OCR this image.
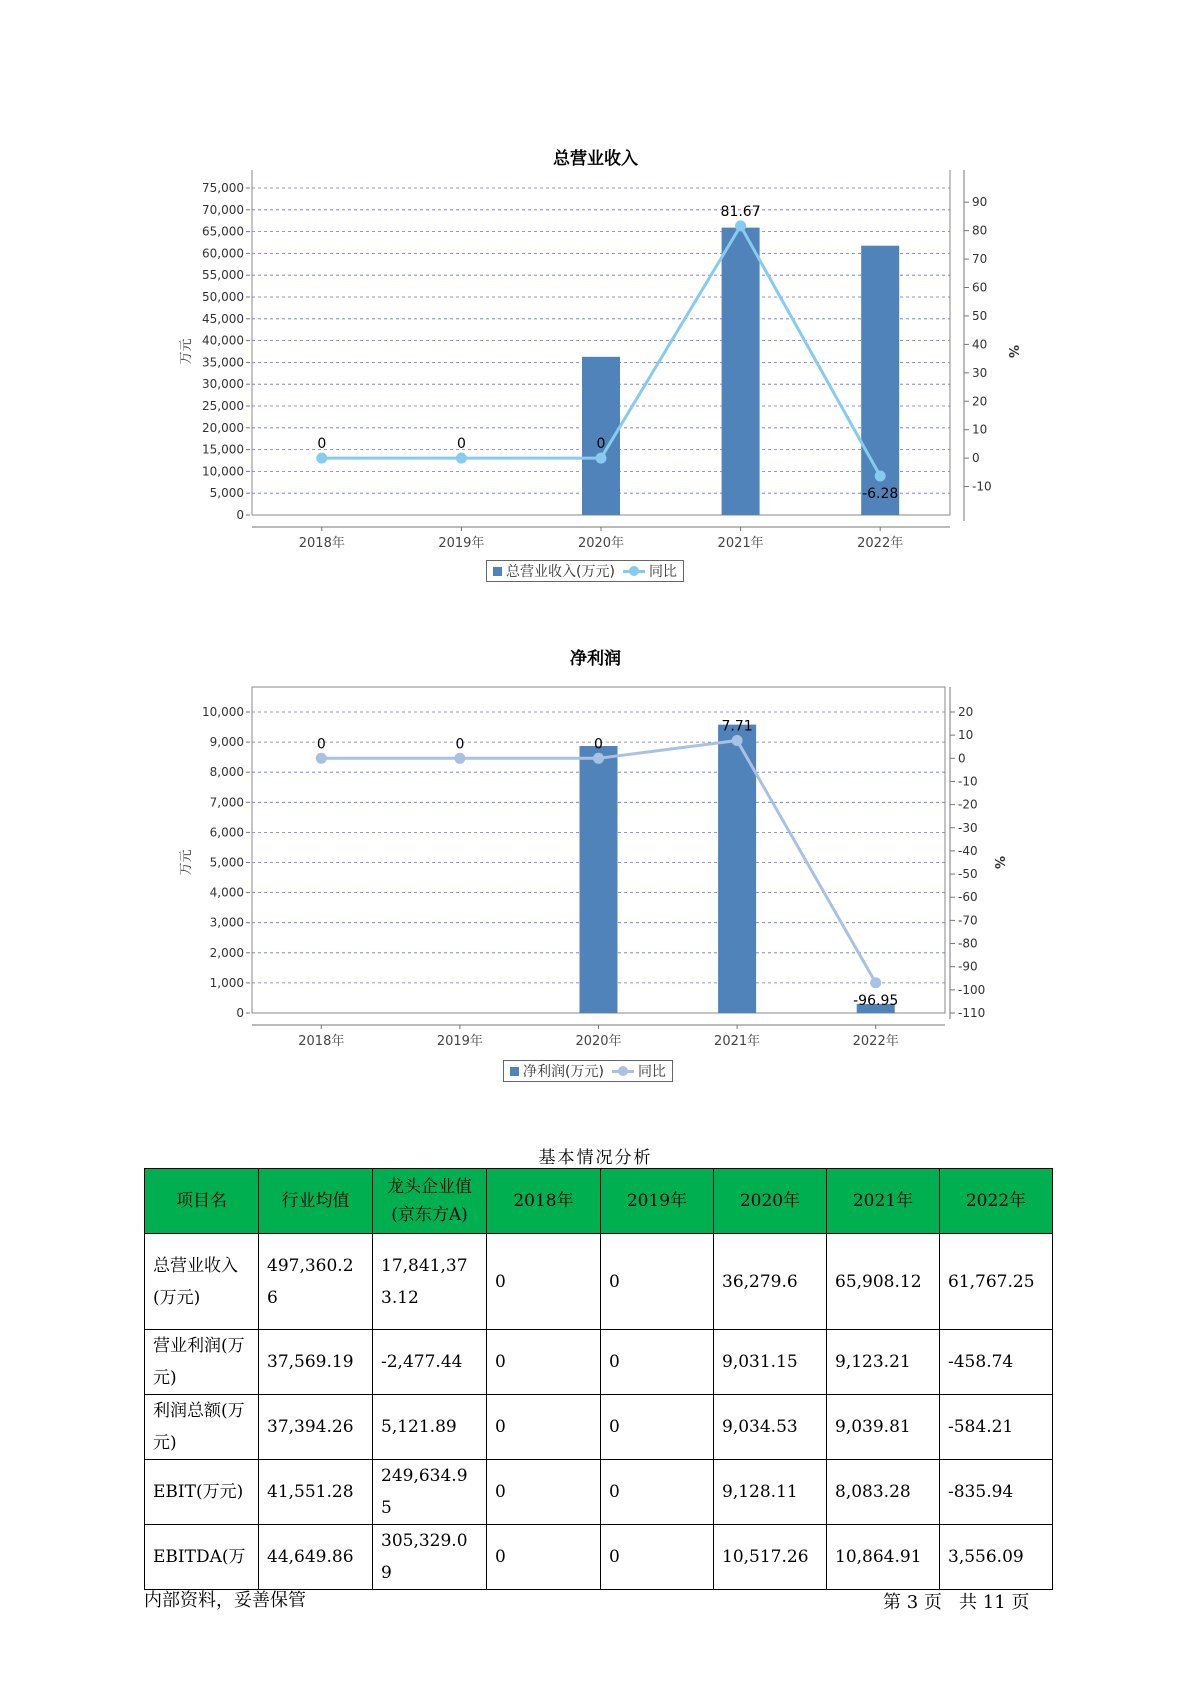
总营业收入
0
5,000
10,000
15,000
20,000
25,000
30,000
35,000
40,000
45,000
50,000
55,000
60,000
65,000
70,000
75,000
万元
90
80
70
60
50
40
30
20
10
0
-10
%
2018年	2019年	2020年	2021年	2022年
0	0	0
81.67
-6.28
总营业收入(万元) 同比
净利润
0
1,000
2,000
3,000
4,000
5,000
6,000
7,000
8,000
9,000
10,000
万元
20
10
0
-10
-20
-30
-40
-50
-60
-70
-80
-90
-100
-110
%
2018年	2019年	2020年	2021年	2022年
0	0	0
7.71
-96.95
净利润(万元) 同比
基本情况分析
项目名	行业均值	龙头企业值(京东方A)	2018年	2019年	2020年	2021年	2022年
总营业收入(万元)	497,360.26	17,841,373.12	0	0	36,279.6	65,908.12	61,767.25
营业利润(万元)	37,569.19	-2,477.44	0	0	9,031.15	9,123.21	-458.74
利润总额(万元)	37,394.26	5,121.89	0	0	9,034.53	9,039.81	-584.21
EBIT(万元)	41,551.28	249,634.95	0	0	9,128.11	8,083.28	-835.94
EBITDA(万	44,649.86	305,329.09	0	0	10,517.26	10,864.91	3,556.09
内部资料，妥善保管	第 3 页   共 11 页
